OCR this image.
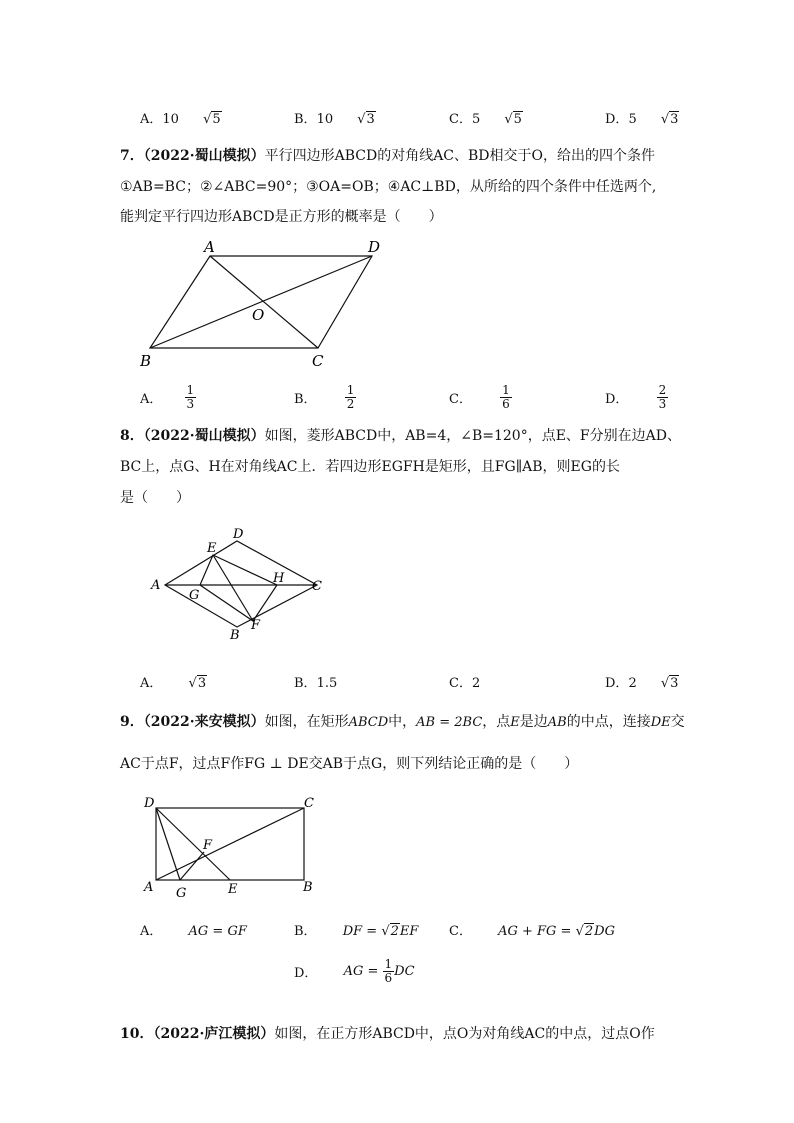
A．10 √5	B．10 √3	C．5 √5	D．5 √3
7．（2022·蜀山模拟）平行四边形ABCD的对角线AC、BD相交于O，给出的四个条件
①AB=BC；②∠ABC=90°；③OA=OB；④AC⊥BD，从所给的四个条件中任选两个,
能判定平行四边形ABCD是正方形的概率是（　　）
A	D
B	C
O
A． $\frac{1}{3}$	B． $\frac{1}{2}$	C． $\frac{1}{6}$	D． $\frac{2}{3}$
8．（2022·蜀山模拟）如图，菱形ABCD中，AB=4，∠B=120°，点E、F分别在边AD、
BC上，点G、H在对角线AC上．若四边形EGFH是矩形，且FG∥AB，则EG的长
是（　　）
A
D
C
B
E
G
H
F
A． √3	B．1.5	C．2	D．2 √3
9．（2022·来安模拟）如图，在矩形ABCD中，AB = 2BC，点E是边AB的中点，连接DE交
AC于点F，过点F作FG ⊥ DE交AB于点G，则下列结论正确的是（　　）
D	C
A	B
E
G
F
A． AG = GF	B． DF = √2EF C． AG + FG = √2DG
D． AG = $\frac{1}{6}$ DC
10．（2022·庐江模拟）如图，在正方形ABCD中，点O为对角线AC的中点，过点O作
